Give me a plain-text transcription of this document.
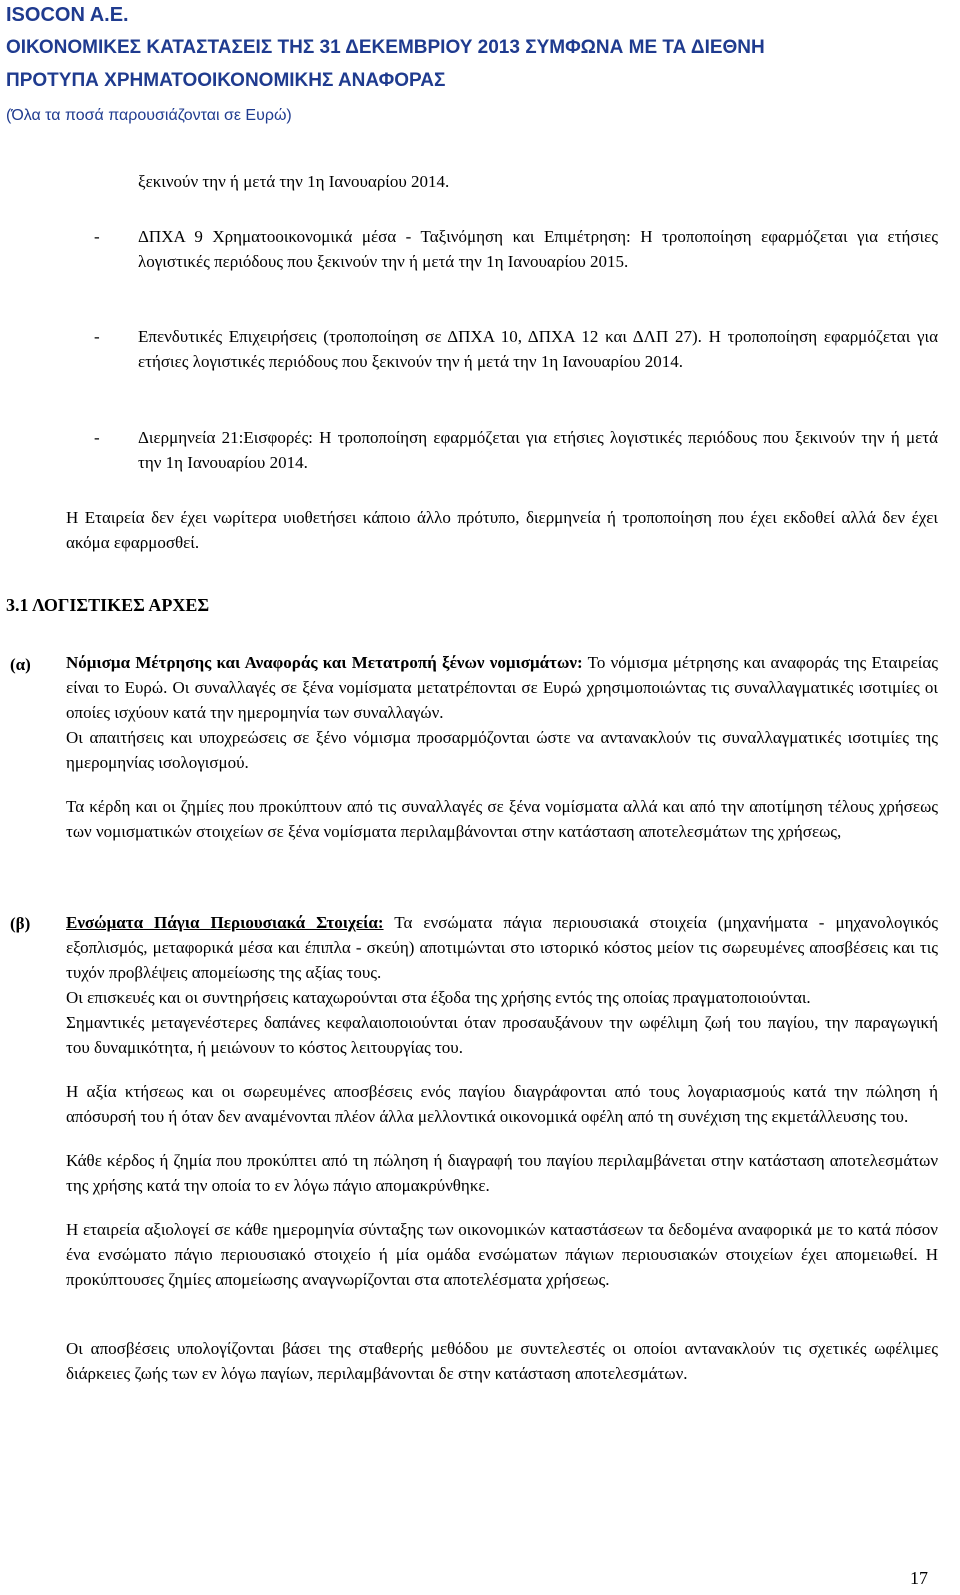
ISOCON A.E.
ΟΙΚΟΝΟΜΙΚΕΣ ΚΑΤΑΣΤΑΣΕΙΣ ΤΗΣ 31 ΔΕΚΕΜΒΡΙΟΥ 2013 ΣΥΜΦΩΝΑ ΜΕ ΤΑ ΔΙΕΘΝΗ
ΠΡΟΤΥΠΑ ΧΡΗΜΑΤΟΟΙΚΟΝΟΜΙΚΗΣ ΑΝΑΦΟΡΑΣ
(Όλα τα ποσά παρουσιάζονται σε Ευρώ)
ξεκινούν την ή μετά την 1η Ιανουαρίου 2014.
- ΔΠΧΑ 9 Χρηματοοικονομικά μέσα - Ταξινόμηση και Επιμέτρηση: Η τροποποίηση εφαρμόζεται για ετήσιες λογιστικές περιόδους που ξεκινούν την ή μετά την 1η Ιανουαρίου 2015.
- Επενδυτικές Επιχειρήσεις (τροποποίηση σε ΔΠΧΑ 10, ΔΠΧΑ 12 και ΔΛΠ 27). Η τροποποίηση εφαρμόζεται για ετήσιες λογιστικές περιόδους που ξεκινούν την ή μετά την 1η Ιανουαρίου 2014.
- Διερμηνεία 21:Εισφορές: Η τροποποίηση εφαρμόζεται για ετήσιες λογιστικές περιόδους που ξεκινούν την ή μετά την 1η Ιανουαρίου 2014.
Η Εταιρεία δεν έχει νωρίτερα υιοθετήσει κάποιο άλλο πρότυπο, διερμηνεία ή τροποποίηση που έχει εκδοθεί αλλά δεν έχει ακόμα εφαρμοσθεί.
3.1 ΛΟΓΙΣΤΙΚΕΣ ΑΡΧΕΣ
(α) Νόμισμα Μέτρησης και Αναφοράς και Μετατροπή ξένων νομισμάτων: Το νόμισμα μέτρησης και αναφοράς της Εταιρείας είναι το Ευρώ. Οι συναλλαγές σε ξένα νομίσματα μετατρέπονται σε Ευρώ χρησιμοποιώντας τις συναλλαγματικές ισοτιμίες οι οποίες ισχύουν κατά την ημερομηνία των συναλλαγών.

Οι απαιτήσεις και υποχρεώσεις σε ξένο νόμισμα προσαρμόζονται ώστε να αντανακλούν τις συναλλαγματικές ισοτιμίες της ημερομηνίας ισολογισμού.

Τα κέρδη και οι ζημίες που προκύπτουν από τις συναλλαγές σε ξένα νομίσματα αλλά και από την αποτίμηση τέλους χρήσεως των νομισματικών στοιχείων σε ξένα νομίσματα περιλαμβάνονται στην κατάσταση αποτελεσμάτων της χρήσεως,

(β) Ενσώματα Πάγια Περιουσιακά Στοιχεία: Τα ενσώματα πάγια περιουσιακά στοιχεία (μηχανήματα - μηχανολογικός εξοπλισμός, μεταφορικά μέσα και έπιπλα - σκεύη) αποτιμώνται στο ιστορικό κόστος μείον τις σωρευμένες αποσβέσεις και τις τυχόν προβλέψεις απομείωσης της αξίας τους.

Οι επισκευές και οι συντηρήσεις καταχωρούνται στα έξοδα της χρήσης εντός της οποίας πραγματοποιούνται.

Σημαντικές μεταγενέστερες δαπάνες κεφαλαιοποιούνται όταν προσαυξάνουν την ωφέλιμη ζωή του παγίου, την παραγωγική του δυναμικότητα, ή μειώνουν το κόστος λειτουργίας του.

Η αξία κτήσεως και οι σωρευμένες αποσβέσεις ενός παγίου διαγράφονται από τους λογαριασμούς κατά την πώληση ή απόσυρσή του ή όταν δεν αναμένονται πλέον άλλα μελλοντικά οικονομικά οφέλη από τη συνέχιση της εκμετάλλευσης του.

Κάθε κέρδος ή ζημία που προκύπτει από τη πώληση ή διαγραφή του παγίου περιλαμβάνεται στην κατάσταση αποτελεσμάτων της χρήσης κατά την οποία το εν λόγω πάγιο απομακρύνθηκε.

Η εταιρεία αξιολογεί σε κάθε ημερομηνία σύνταξης των οικονομικών καταστάσεων τα δεδομένα αναφορικά με το κατά πόσον ένα ενσώματο πάγιο περιουσιακό στοιχείο ή μία ομάδα ενσώματων πάγιων περιουσιακών στοιχείων έχει απομειωθεί. Η προκύπτουσες ζημίες απομείωσης αναγνωρίζονται στα αποτελέσματα χρήσεως.

Οι αποσβέσεις υπολογίζονται βάσει της σταθερής μεθόδου με συντελεστές οι οποίοι αντανακλούν τις σχετικές ωφέλιμες διάρκειες ζωής των εν λόγω παγίων, περιλαμβάνονται δε στην κατάσταση αποτελεσμάτων.

17
